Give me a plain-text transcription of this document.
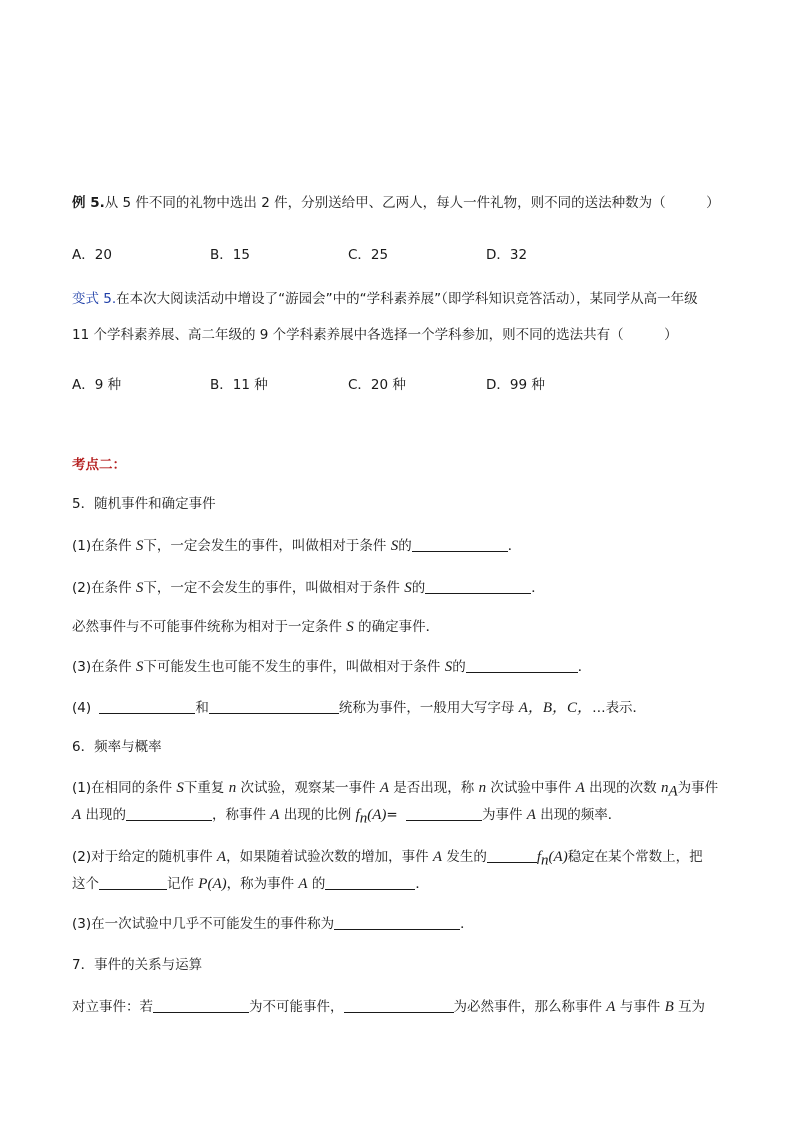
例 5.从 5 件不同的礼物中选出 2 件，分别送给甲、乙两人，每人一件礼物，则不同的送法种数为（　　　）
A．20	B．15	C．25	D．32
变式 5.在本次大阅读活动中增设了“游园会”中的“学科素养展”（即学科知识竞答活动），某同学从高一年级
11 个学科素养展、高二年级的 9 个学科素养展中各选择一个学科参加，则不同的选法共有（　　　）
A．9 种	B．11 种	C．20 种	D．99 种
考点二：
5．随机事件和确定事件
(1)在条件 S下，一定会发生的事件，叫做相对于条件 S的	．
(2)在条件 S下，一定不会发生的事件，叫做相对于条件 S的	．
必然事件与不可能事件统称为相对于一定条件 S 的确定事件．
(3)在条件 S下可能发生也可能不发生的事件，叫做相对于条件 S的	．
(4)	和	统称为事件，一般用大写字母 A，B，C，…表示．
6．频率与概率
(1)在相同的条件 S下重复 n 次试验，观察某一事件 A 是否出现，称 n 次试验中事件 A 出现的次数 $n_A$为事件
A 出现的	，称事件 A 出现的比例 $f_n(A)=$	为事件 A 出现的频率．
(2)对于给定的随机事件 A，如果随着试验次数的增加，事件 A 发生的	$f_n(A)$稳定在某个常数上，把
这个	记作 P(A)，称为事件 A 的	．
(3)在一次试验中几乎不可能发生的事件称为	．
7．事件的关系与运算
对立事件：若	为不可能事件，	为必然事件，那么称事件 A 与事件 B 互为
